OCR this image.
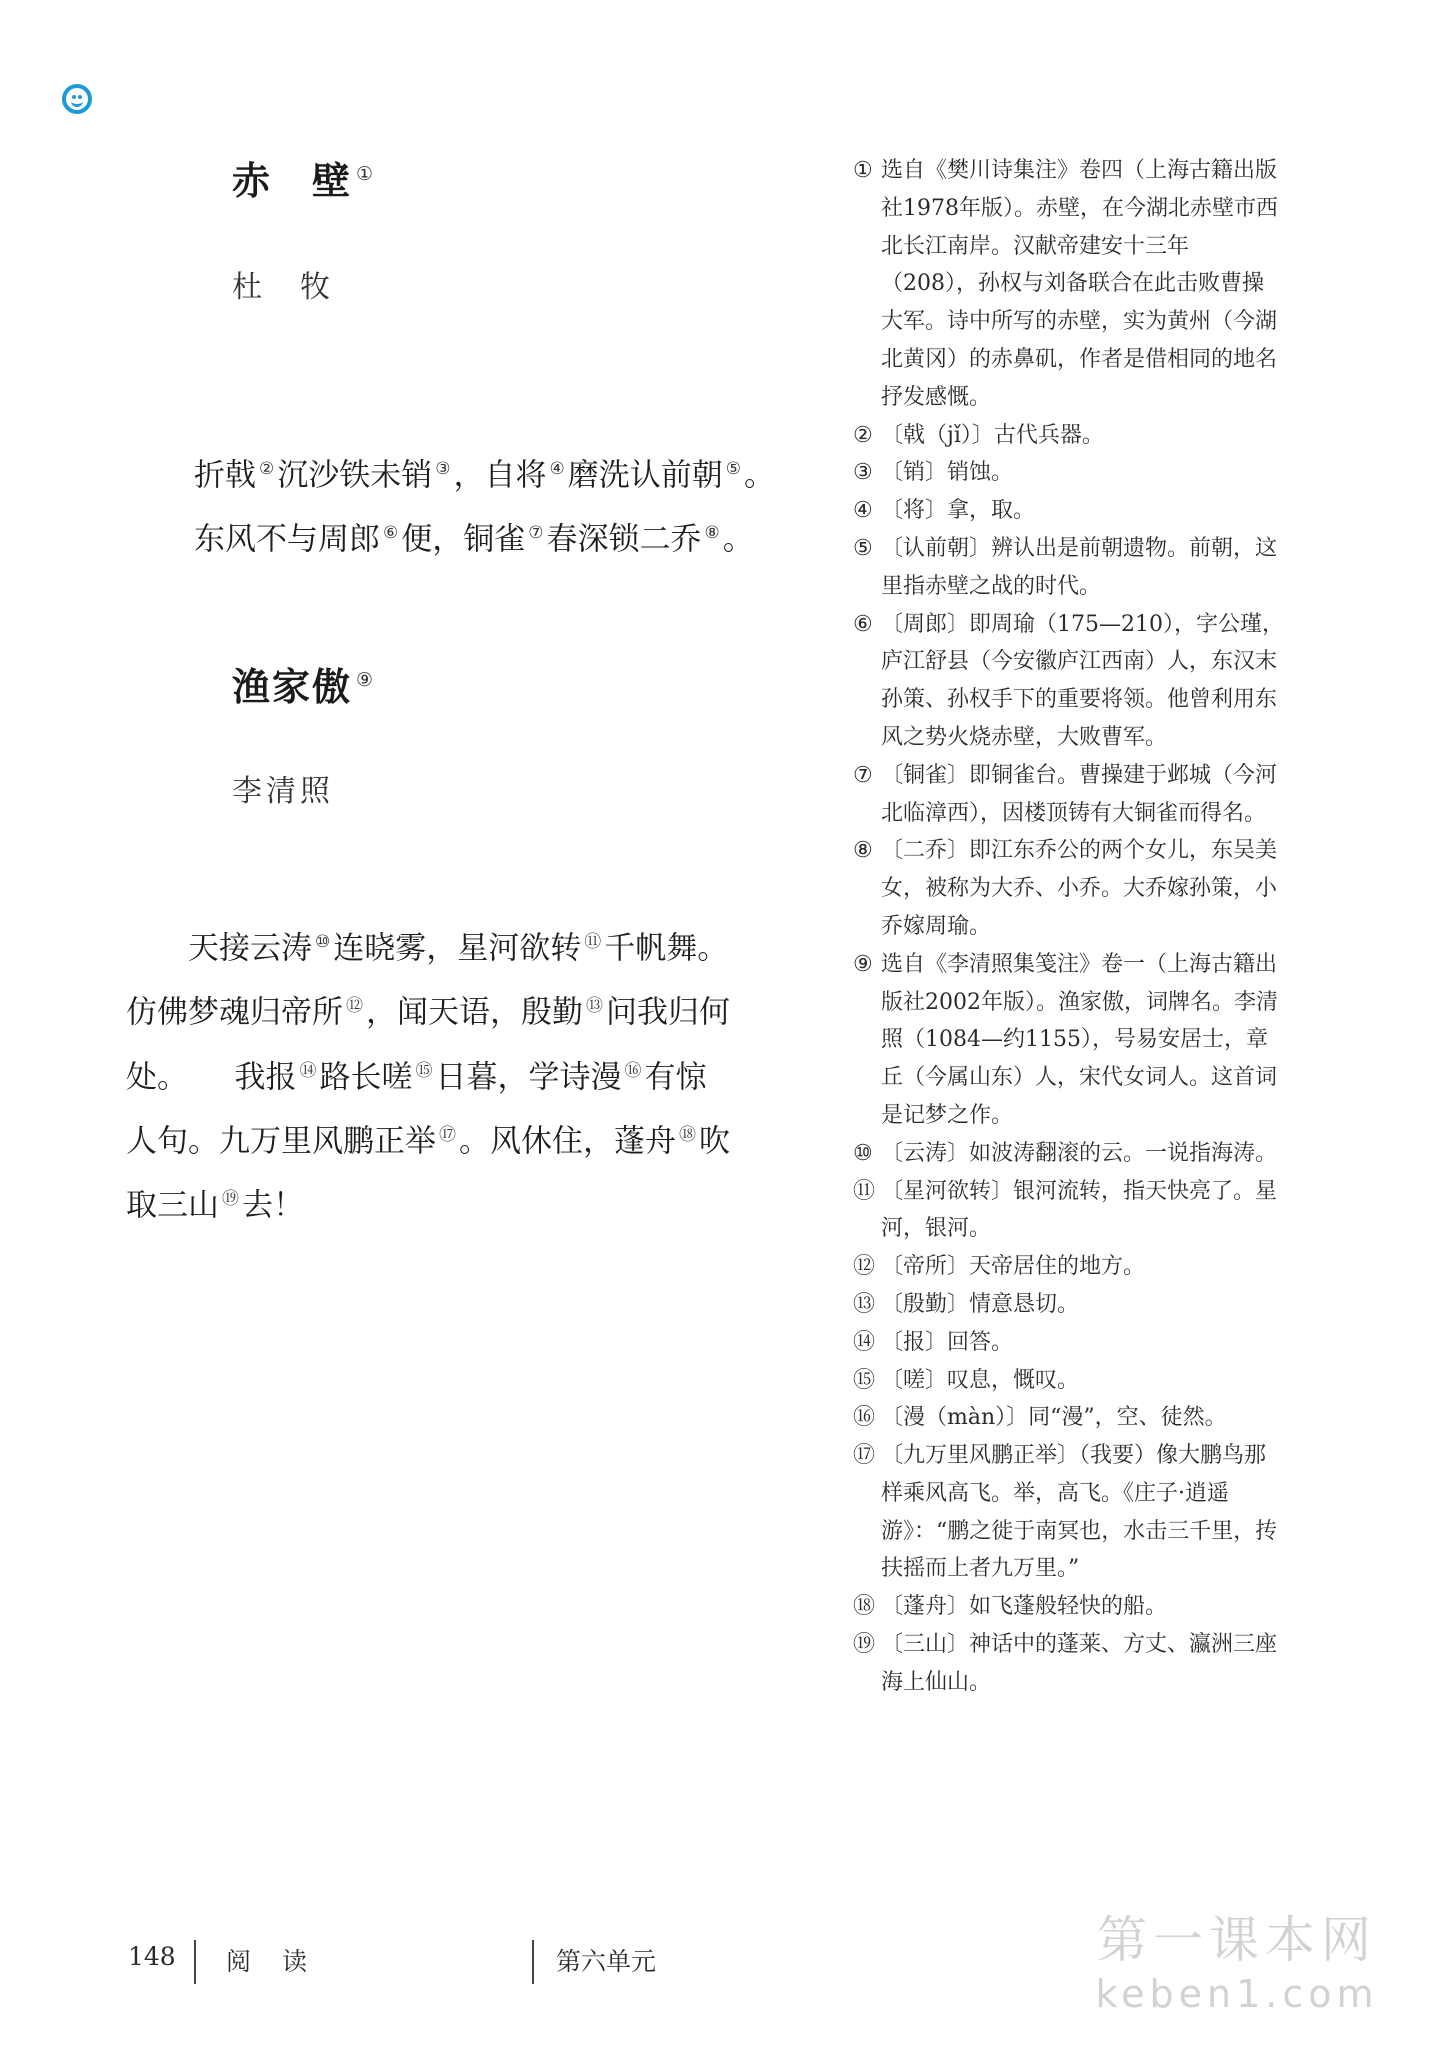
赤　壁 ①
杜　牧
折戟 ②沉沙铁未销 ③，自将 ④磨洗认前朝 ⑤。
东风不与周郎 ⑥便，铜雀 ⑦春深锁二乔 ⑧。
渔家傲 ⑨
李清照
　　天接云涛 ⑩连晓雾，星河欲转 ⑪千帆舞。
仿佛梦魂归帝所 ⑫，闻天语，殷勤 ⑬问我归何
处。　　我报 ⑭路长嗟 ⑮日暮，学诗漫 ⑯有惊
人句。九万里风鹏正举 ⑰。风休住，蓬舟 ⑱吹
取三山 ⑲去！
① 选自《樊川诗集注》卷四（上海古籍出版社1978年版）。赤壁，在今湖北赤壁市西北长江南岸。汉献帝建安十三年（208），孙权与刘备联合在此击败曹操大军。诗中所写的赤壁，实为黄州（今湖北黄冈）的赤鼻矶，作者是借相同的地名抒发感慨。
② 〔戟（jǐ）〕古代兵器。
③ 〔销〕销蚀。
④ 〔将〕拿，取。
⑤ 〔认前朝〕辨认出是前朝遗物。前朝，这里指赤壁之战的时代。
⑥ 〔周郎〕即周瑜（175—210），字公瑾，庐江舒县（今安徽庐江西南）人，东汉末孙策、孙权手下的重要将领。他曾利用东风之势火烧赤壁，大败曹军。
⑦ 〔铜雀〕即铜雀台。曹操建于邺城（今河北临漳西），因楼顶铸有大铜雀而得名。
⑧ 〔二乔〕即江东乔公的两个女儿，东吴美女，被称为大乔、小乔。大乔嫁孙策，小乔嫁周瑜。
⑨ 选自《李清照集笺注》卷一（上海古籍出版社2002年版）。渔家傲，词牌名。李清照（1084—约1155），号易安居士，章丘（今属山东）人，宋代女词人。这首词是记梦之作。
⑩ 〔云涛〕如波涛翻滚的云。一说指海涛。
⑪ 〔星河欲转〕银河流转，指天快亮了。星河，银河。
⑫ 〔帝所〕天帝居住的地方。
⑬ 〔殷勤〕情意恳切。
⑭ 〔报〕回答。
⑮ 〔嗟〕叹息，慨叹。
⑯ 〔漫（màn）〕同“漫”，空、徒然。
⑰ 〔九万里风鹏正举〕（我要）像大鹏鸟那样乘风高飞。举，高飞。《庄子·逍遥游》：“鹏之徙于南冥也，水击三千里，抟扶摇而上者九万里。”
⑱ 〔蓬舟〕如飞蓬般轻快的船。
⑲ 〔三山〕神话中的蓬莱、方丈、瀛洲三座海上仙山。
148 阅　读	第六单元	第一课本网
keben1.com
